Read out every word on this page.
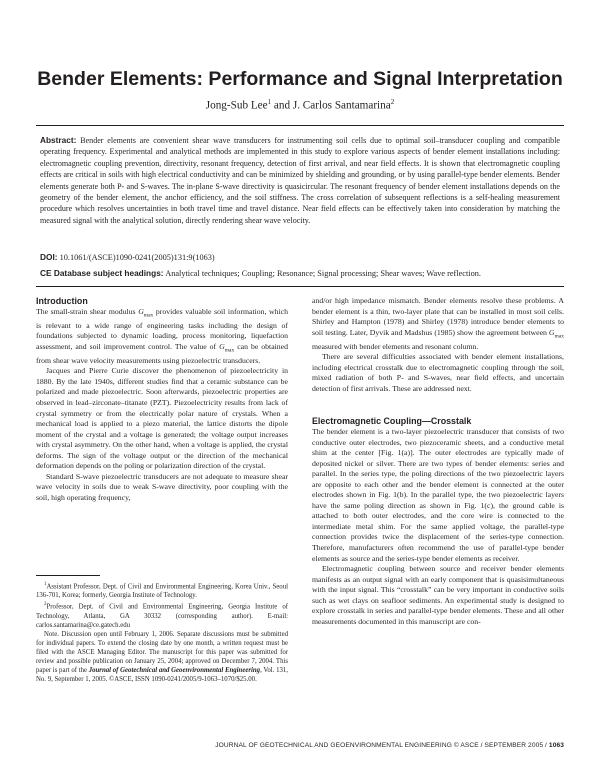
Bender Elements: Performance and Signal Interpretation
Jong-Sub Lee$^1$ and J. Carlos Santamarina$^2$
Abstract: Bender elements are convenient shear wave transducers for instrumenting soil cells due to optimal soil–transducer coupling and compatible operating frequency. Experimental and analytical methods are implemented in this study to explore various aspects of bender element installations including: electromagnetic coupling prevention, directivity, resonant frequency, detection of first arrival, and near field effects. It is shown that electromagnetic coupling effects are critical in soils with high electrical conductivity and can be minimized by shielding and grounding, or by using parallel-type bender elements. Bender elements generate both P- and S-waves. The in-plane S-wave directivity is quasicircular. The resonant frequency of bender element installations depends on the geometry of the bender element, the anchor efficiency, and the soil stiffness. The cross correlation of subsequent reflections is a self-healing measurement procedure which resolves uncertainties in both travel time and travel distance. Near field effects can be effectively taken into consideration by matching the measured signal with the analytical solution, directly rendering shear wave velocity.
DOI: 10.1061/(ASCE)1090-0241(2005)131:9(1063)
CE Database subject headings: Analytical techniques; Coupling; Resonance; Signal processing; Shear waves; Wave reflection.

Introduction

The small-strain shear modulus $G_{max}$ provides valuable soil information, which is relevant to a wide range of engineering tasks including the design of foundations subjected to dynamic loading, process monitoring, liquefaction assessment, and soil improvement control. The value of $G_{max}$ can be obtained from shear wave velocity measurements using piezoelectric transducers.

Jacques and Pierre Curie discover the phenomenon of piezoelectricity in 1880. By the late 1940s, different studies find that a ceramic substance can be polarized and made piezoelectric. Soon afterwards, piezoelectric properties are observed in lead–zirconate–titanate (PZT). Piezoelectricity results from lack of crystal symmetry or from the electrically polar nature of crystals. When a mechanical load is applied to a piezo material, the lattice distorts the dipole moment of the crystal and a voltage is generated; the voltage output increases with crystal asymmetry. On the other hand, when a voltage is applied, the crystal deforms. The sign of the voltage output or the direction of the mechanical deformation depends on the poling or polarization direction of the crystal.

Standard S-wave piezoelectric transducers are not adequate to measure shear wave velocity in soils due to weak S-wave directivity, poor coupling with the soil, high operating frequency,

$^1$Assistant Professor, Dept. of Civil and Environmental Engineering, Korea Univ., Seoul 136-701, Korea; formerly, Georgia Institute of Technology.

$^2$Professor, Dept. of Civil and Environmental Engineering, Georgia Institute of Technology, Atlanta, GA 30332 (corresponding author). E-mail: carlos.santamarina@ce.gatech.edu

Note. Discussion open until February 1, 2006. Separate discussions must be submitted for individual papers. To extend the closing date by one month, a written request must be filed with the ASCE Managing Editor. The manuscript for this paper was submitted for review and possible publication on January 25, 2004; approved on December 7, 2004. This paper is part of the Journal of Geotechnical and Geoenvironmental Engineering, Vol. 131, No. 9, September 1, 2005. ©ASCE, ISSN 1090-0241/2005/9-1063–1070/$25.00.

and/or high impedance mismatch. Bender elements resolve these problems. A bender element is a thin, two-layer plate that can be installed in most soil cells. Shirley and Hampton (1978) and Shirley (1978) introduce bender elements to soil testing. Later, Dyvik and Madshus (1985) show the agreement between $G_{max}$ measured with bender elements and resonant column.

There are several difficulties associated with bender element installations, including electrical crosstalk due to electromagnetic coupling through the soil, mixed radiation of both P- and S-waves, near field effects, and uncertain detection of first arrivals. These are addressed next.

Electromagnetic Coupling—Crosstalk

The bender element is a two-layer piezoelectric transducer that consists of two conductive outer electrodes, two piezoceramic sheets, and a conductive metal shim at the center [Fig. 1(a)]. The outer electrodes are typically made of deposited nickel or silver. There are two types of bender elements: series and parallel. In the series type, the poling directions of the two piezoelectric layers are opposite to each other and the bender element is connected at the outer electrodes shown in Fig. 1(b). In the parallel type, the two piezoelectric layers have the same poling direction as shown in Fig. 1(c), the ground cable is attached to both outer electrodes, and the core wire is connected to the intermediate metal shim. For the same applied voltage, the parallel-type connection provides twice the displacement of the series-type connection. Therefore, manufacturers often recommend the use of parallel-type bender elements as source and the series-type bender elements as receiver.

Electromagnetic coupling between source and receiver bender elements manifests as an output signal with an early component that is quasisimultaneous with the input signal. This “crosstalk” can be very important in conductive soils such as wet clays on seafloor sediments. An experimental study is designed to explore crosstalk in series and parallel-type bender elements. These and all other measurements documented in this manuscript are con-

JOURNAL OF GEOTECHNICAL AND GEOENVIRONMENTAL ENGINEERING © ASCE / SEPTEMBER 2005 / 1063
